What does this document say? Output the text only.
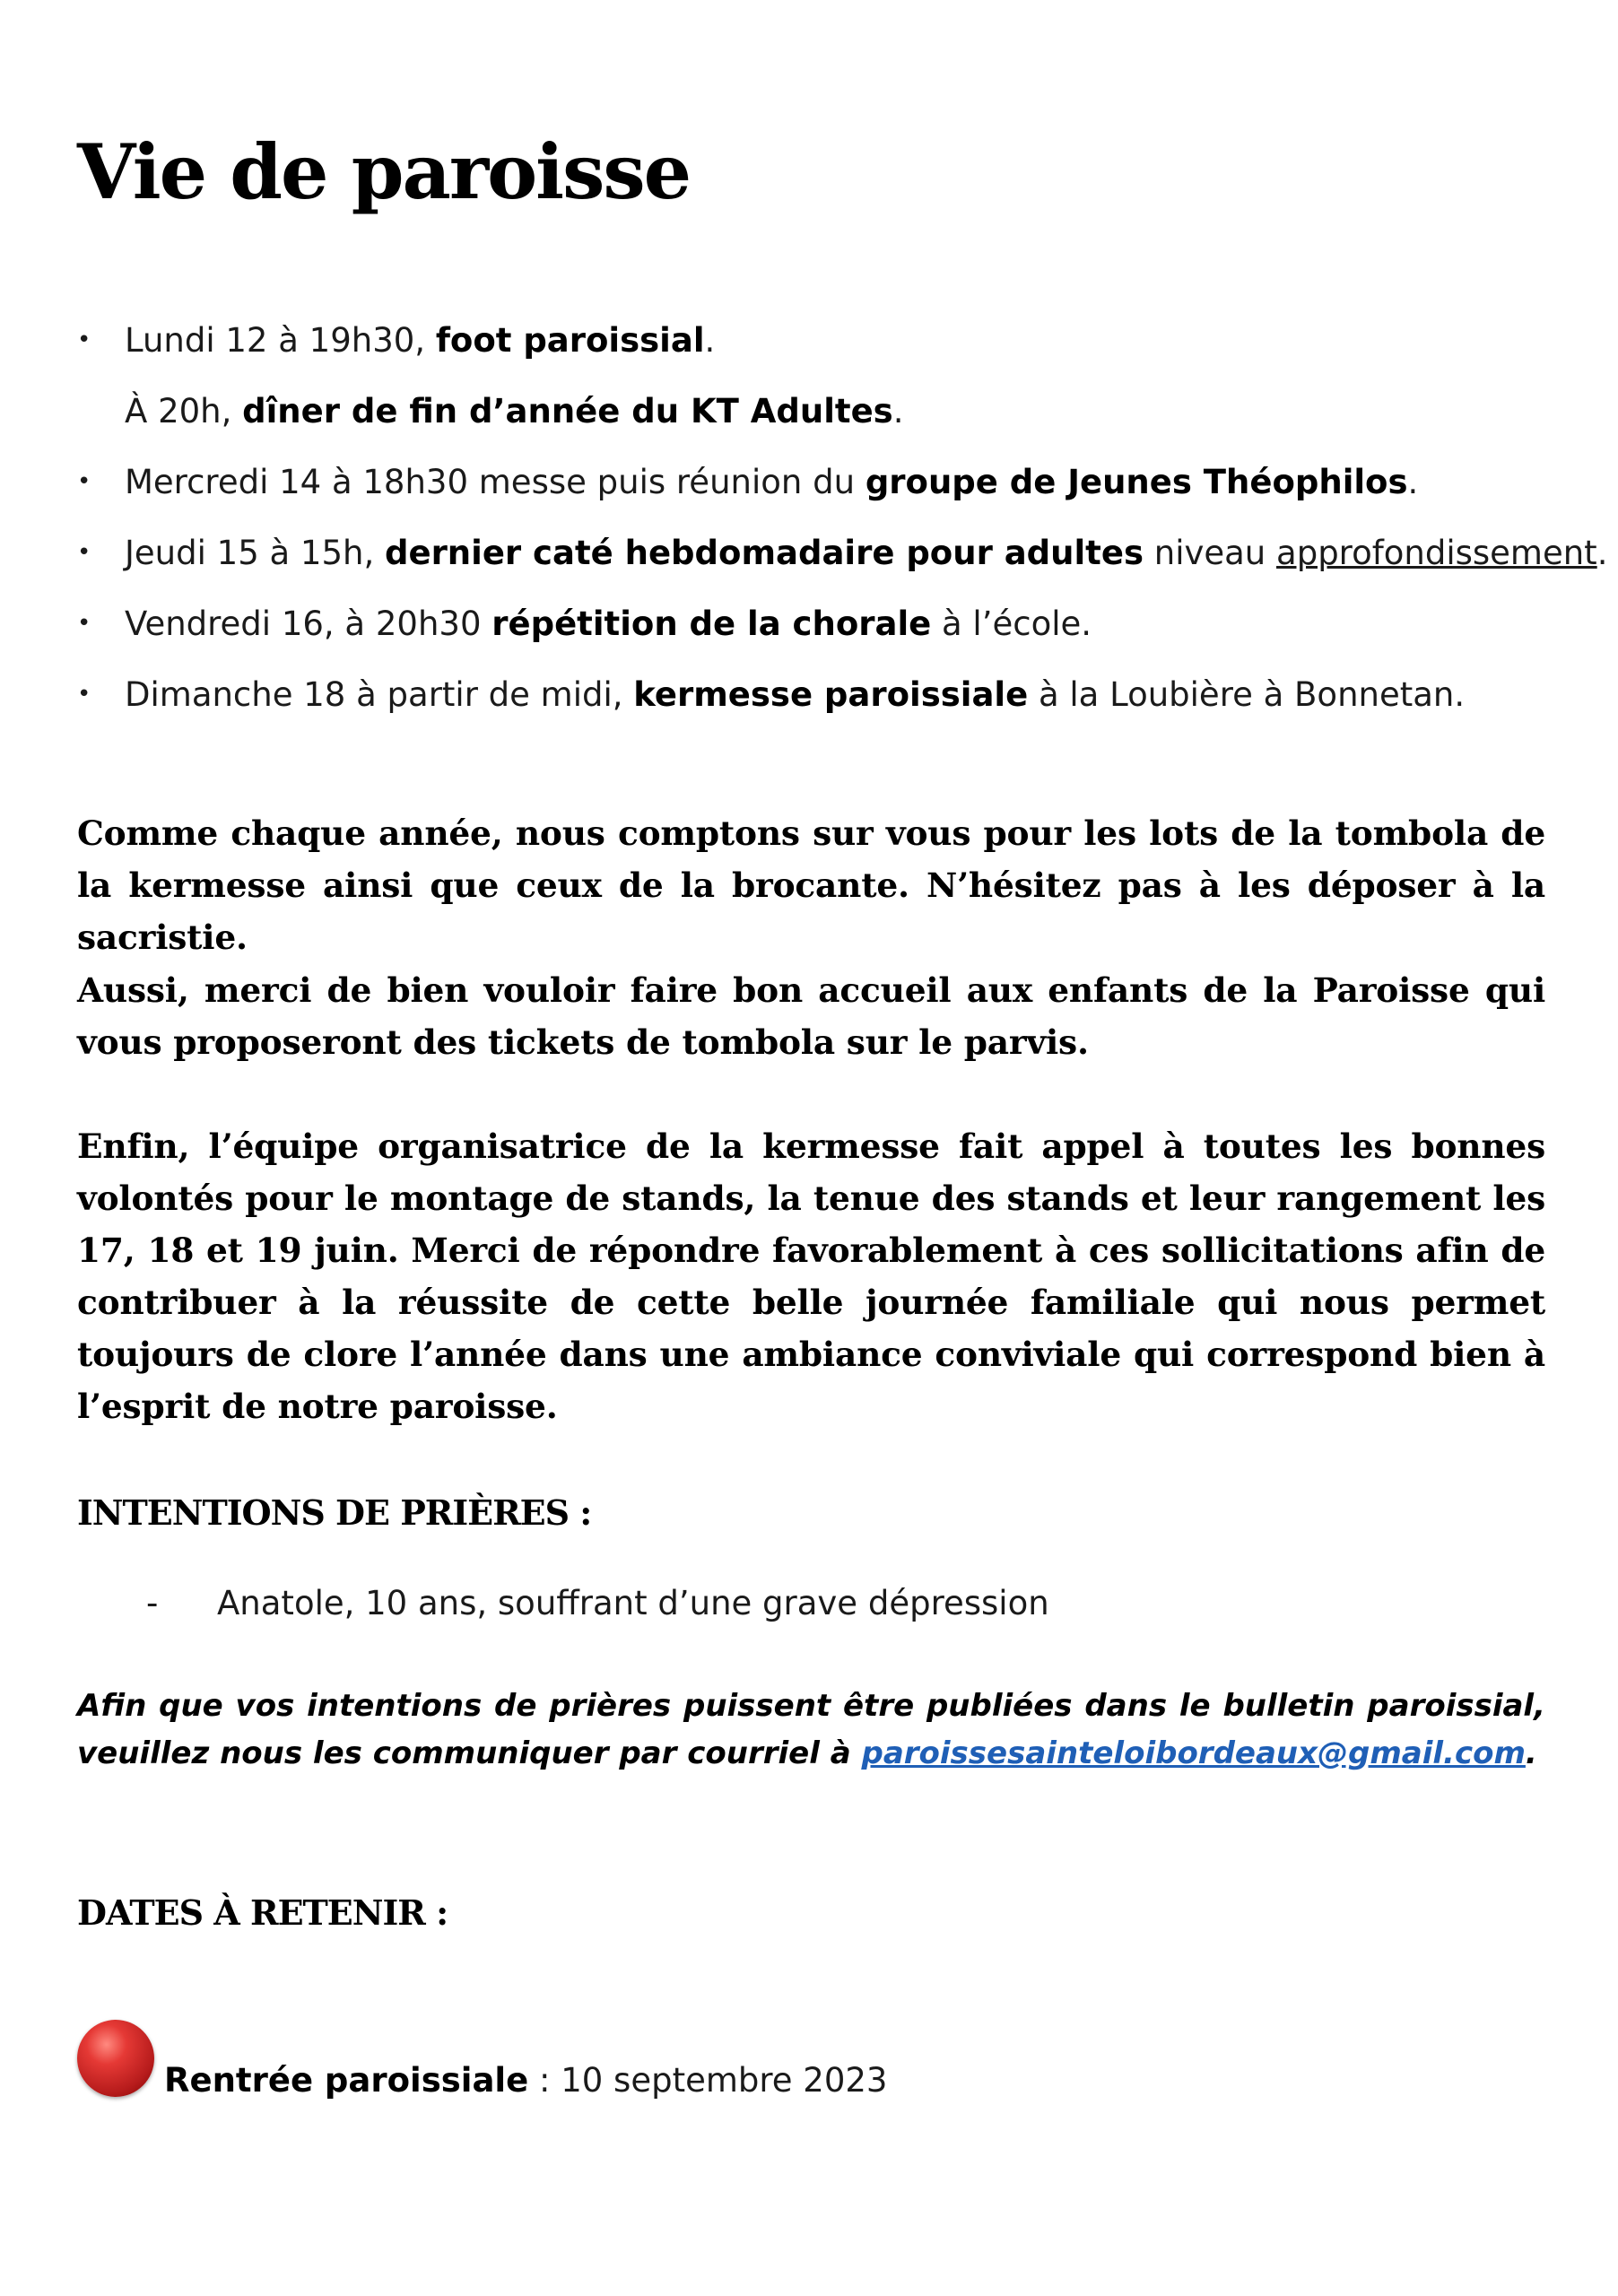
Vie de paroisse
• Lundi 12 à 19h30, foot paroissial.
À 20h, dîner de fin d’année du KT Adultes.
• Mercredi 14 à 18h30 messe puis réunion du groupe de Jeunes Théophilos.
• Jeudi 15 à 15h, dernier caté hebdomadaire pour adultes niveau approfondissement.
• Vendredi 16, à 20h30 répétition de la chorale à l’école.
• Dimanche 18 à partir de midi, kermesse paroissiale à la Loubière à Bonnetan.

Comme chaque année, nous comptons sur vous pour les lots de la tombola de la kermesse ainsi que ceux de la brocante. N’hésitez pas à les déposer à la sacristie.

Aussi, merci de bien vouloir faire bon accueil aux enfants de la Paroisse qui vous proposeront des tickets de tombola sur le parvis.

Enfin, l’équipe organisatrice de la kermesse fait appel à toutes les bonnes volontés pour le montage de stands, la tenue des stands et leur rangement les 17, 18 et 19 juin. Merci de répondre favorablement à ces sollicitations afin de contribuer à la réussite de cette belle journée familiale qui nous permet toujours de clore l’année dans une ambiance conviviale qui correspond bien à l’esprit de notre paroisse.

INTENTIONS DE PRIÈRES :
- Anatole, 10 ans, souffrant d’une grave dépression

Afin que vos intentions de prières puissent être publiées dans le bulletin paroissial, veuillez nous les communiquer par courriel à paroissesainteloibordeaux@gmail.com.

DATES À RETENIR :
Rentrée paroissiale : 10 septembre 2023
